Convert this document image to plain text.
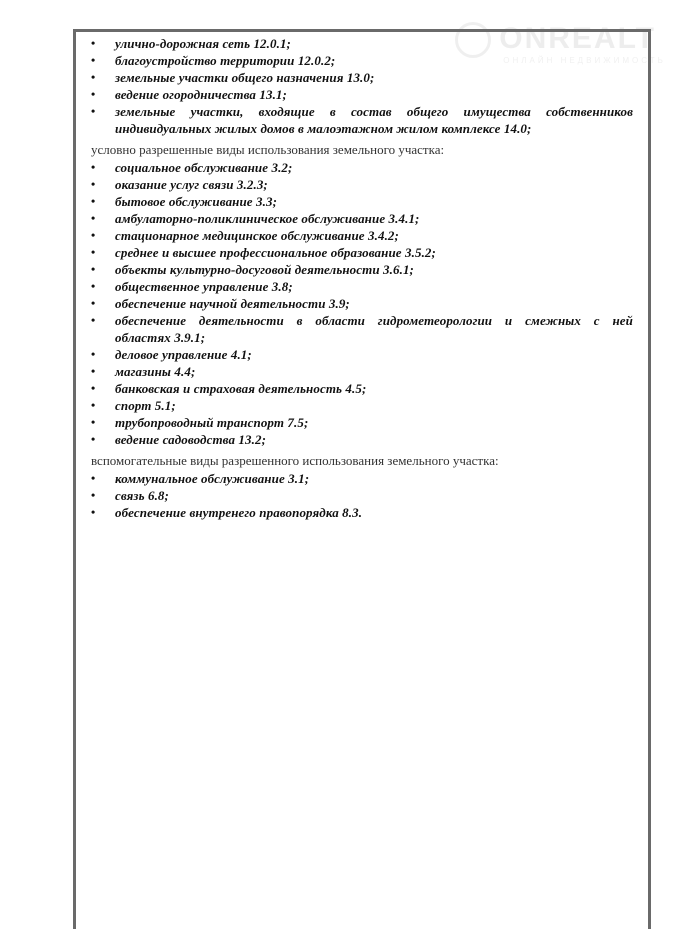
ONREALT
ОНЛАЙН НЕДВИЖИМОСТЬ
• улично-дорожная сеть 12.0.1;
• благоустройство территории 12.0.2;
• земельные участки общего назначения 13.0;
• ведение огородничества 13.1;
• земельные участки, входящие в состав общего имущества собственников
индивидуальных жилых домов в малоэтажном жилом комплексе 14.0;
условно разрешенные виды использования земельного участка:
• социальное обслуживание 3.2;
• оказание услуг связи 3.2.3;
• бытовое обслуживание 3.3;
• амбулаторно-поликлиническое обслуживание 3.4.1;
• стационарное медицинское обслуживание 3.4.2;
• среднее и высшее профессиональное образование 3.5.2;
• объекты культурно-досуговой деятельности 3.6.1;
• общественное управление 3.8;
• обеспечение научной деятельности 3.9;
• обеспечение деятельности в области гидрометеорологии и смежных с ней
областях 3.9.1;
• деловое управление 4.1;
• магазины 4.4;
• банковская и страховая деятельность 4.5;
• спорт 5.1;
• трубопроводный транспорт 7.5;
• ведение садоводства 13.2;
вспомогательные виды разрешенного использования земельного участка:
• коммунальное обслуживание 3.1;
• связь 6.8;
• обеспечение внутренего правопорядка 8.3.
